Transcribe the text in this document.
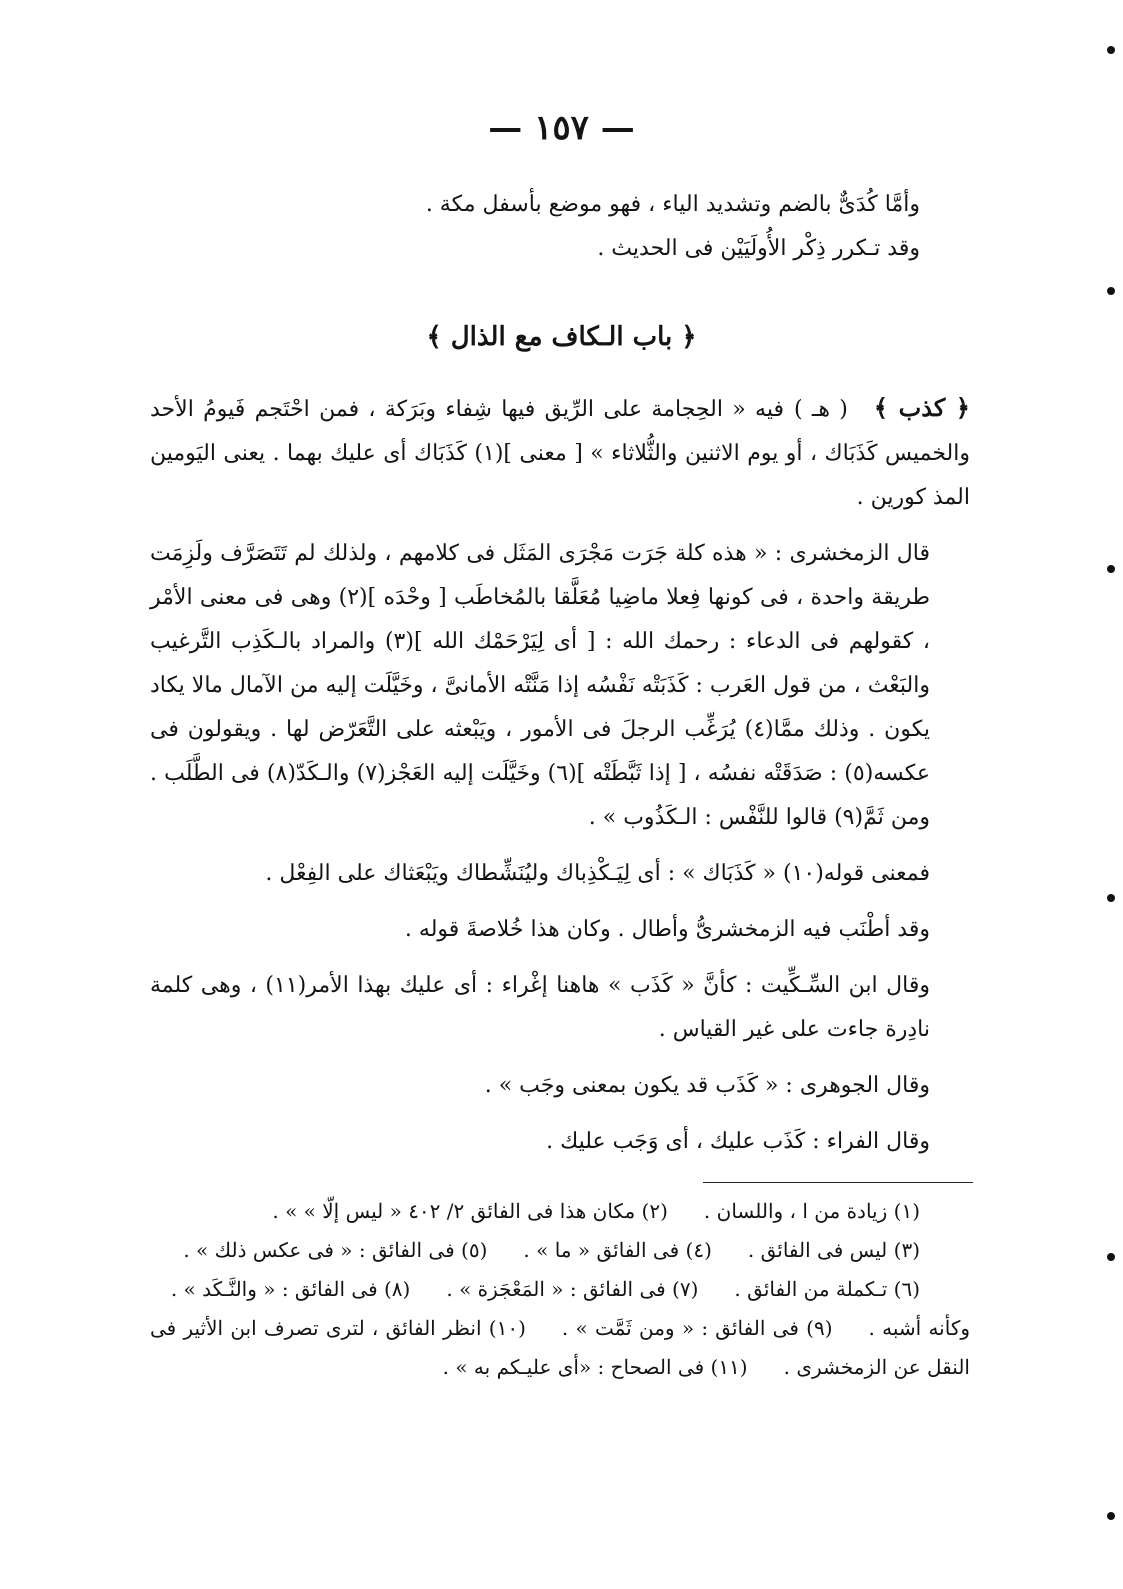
— ١٥٧ —

وأمَّا كُدَىٌّ بالضم وتشديد الياء ، فهو موضع بأسفل مكة .

وقد تـكرر ذِكْر الأُولَيَيْن فى الحديث .

﴿ باب الـكاف مع الذال ﴾

﴿ كذب ﴾( هـ )فيه « الحِجامة على الرِّيق فيها شِفاء وبَرَكة ، فمن احْتَجم فَيومُ الأحد والخميس كَذَبَاك ، أو يوم الاثنين والثُّلاثاء » [ معنى ](١) كَذَبَاك أى عليك بهما . يعنى اليَومين المذ كورين .

قال الزمخشرى : « هذه كلة جَرَت مَجْرَى المَثَل فى كلامهم ، ولذلك لم تَتَصَرَّف ولَزِمَت طريقة واحدة ، فى كونها فِعلا ماضِيا مُعَلَّقا بالمُخاطَب [ وحْدَه ](٢) وهى فى معنى الأمْر ، كقولهم فى الدعاء : رحمك الله : [ أى لِيَرْحَمْك الله ](٣) والمراد بالـكَذِب التَّرغيب والبَعْث ، من قول العَرب : كَذَبَتْه نَفْسُه إذا مَنَّتْه الأمانىَّ ، وخَيَّلَت إليه من الآمال مالا يكاد يكون . وذلك ممَّا(٤) يُرَغِّب الرجلَ فى الأمور ، ويَبْعثه على التَّعَرّض لها . ويقولون فى عكسه(٥) : صَدَقَتْه نفسُه ، [ إذا ثَبَّطَتْه ](٦) وخَيَّلَت إليه العَجْز(٧) والـكَدّ(٨) فى الطَّلَب . ومن ثَمَّ(٩) قالوا للنَّفْس : الـكَذُوب » .

فمعنى قوله(١٠) « كَذَبَاك » : أى لِيَـكْذِباك وليُنَشِّطاك ويَبْعَثاك على الفِعْل .

وقد أطْنَب فيه الزمخشرىُّ وأطال . وكان هذا خُلاصةَ قوله .

وقال ابن السِّـكِّيت : كأنَّ « كَذَب » هاهنا إغْراء : أى عليك بهذا الأمر(١١) ، وهى كلمة نادِرة جاءت على غير القياس .

وقال الجوهرى : « كَذَب قد يكون بمعنى وجَب » .

وقال الفراء : كَذَب عليك ، أى وَجَب عليك .

(١) زيادة من ا ، واللسان .(٢) مكان هذا فى الفائق ٢/ ٤٠٢ « ليس إلّا » » .

(٣) ليس فى الفائق .(٤) فى الفائق « ما » .(٥) فى الفائق : « فى عكس ذلك » .

(٦) تـكملة من الفائق .(٧) فى الفائق : « المَعْجَزة » .(٨) فى الفائق : « والنَّـكَد » .

وكأنه أشبه .(٩) فى الفائق : « ومن ثَمَّت » .(١٠) انظر الفائق ، لترى تصرف ابن الأثير فى النقل عن الزمخشرى .(١١) فى الصحاح : «أى عليـكم به » .
